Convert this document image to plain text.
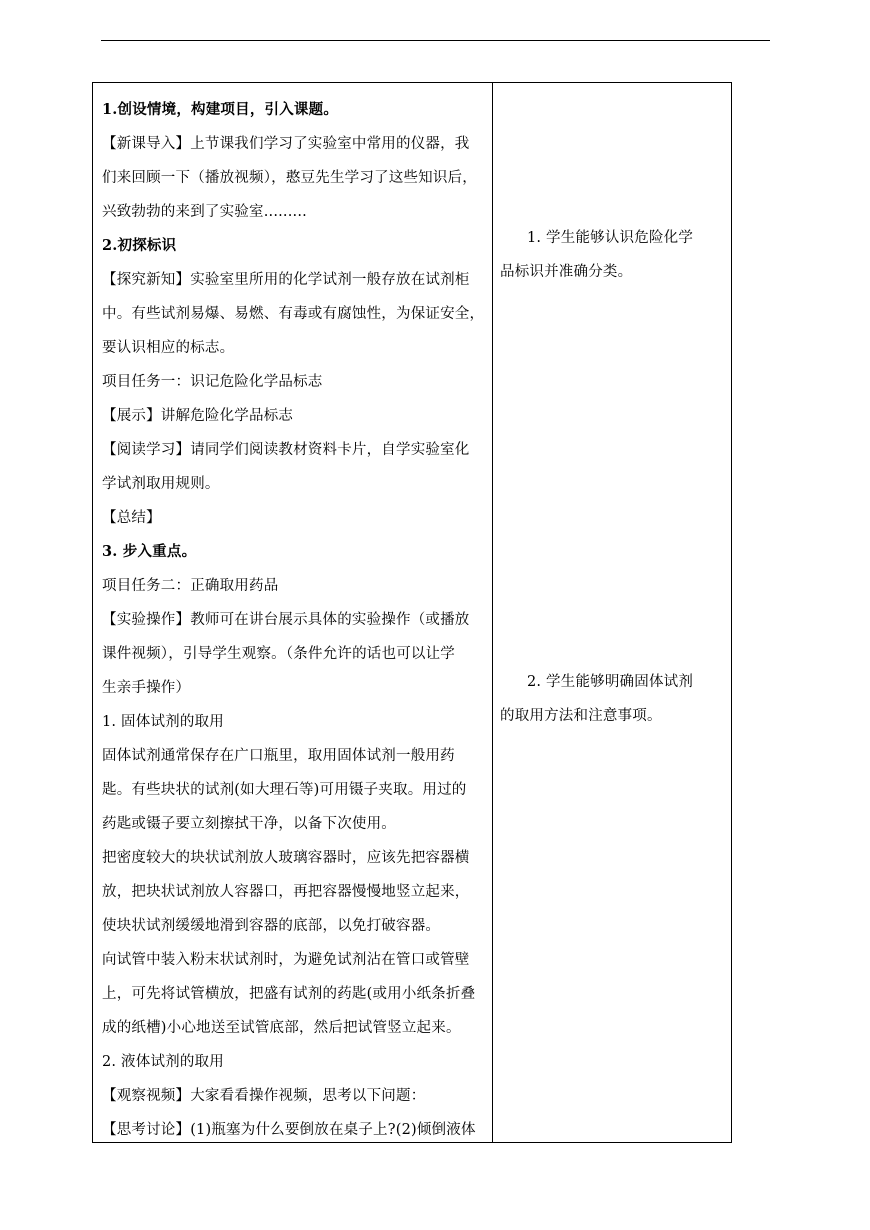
1.创设情境，构建项目，引入课题。
【新课导入】上节课我们学习了实验室中常用的仪器，我
们来回顾一下（播放视频），憨豆先生学习了这些知识后，
兴致勃勃的来到了实验室.........
2.初探标识
【探究新知】实验室里所用的化学试剂一般存放在试剂柜
中。有些试剂易爆、易燃、有毒或有腐蚀性，为保证安全，
要认识相应的标志。
项目任务一：识记危险化学品标志
【展示】讲解危险化学品标志
【阅读学习】请同学们阅读教材资料卡片，自学实验室化
学试剂取用规则。
【总结】
3. 步入重点。
项目任务二：正确取用药品
【实验操作】教师可在讲台展示具体的实验操作（或播放
课件视频），引导学生观察。（条件允许的话也可以让学
生亲手操作）
1. 固体试剂的取用
固体试剂通常保存在广口瓶里，取用固体试剂一般用药
匙。有些块状的试剂(如大理石等)可用镊子夹取。用过的
药匙或镊子要立刻擦拭干净，以备下次使用。
把密度较大的块状试剂放人玻璃容器时，应该先把容器横
放，把块状试剂放人容器口，再把容器慢慢地竖立起来，
使块状试剂缓缓地滑到容器的底部，以免打破容器。
向试管中装入粉末状试剂时，为避免试剂沾在管口或管壁
上，可先将试管横放，把盛有试剂的药匙(或用小纸条折叠
成的纸槽)小心地送至试管底部，然后把试管竖立起来。
2. 液体试剂的取用
【观察视频】大家看看操作视频，思考以下问题：
【思考讨论】(1)瓶塞为什么要倒放在桌子上?(2)倾倒液体
1. 学生能够认识危险化学
品标识并准确分类。
2. 学生能够明确固体试剂
的取用方法和注意事项。
